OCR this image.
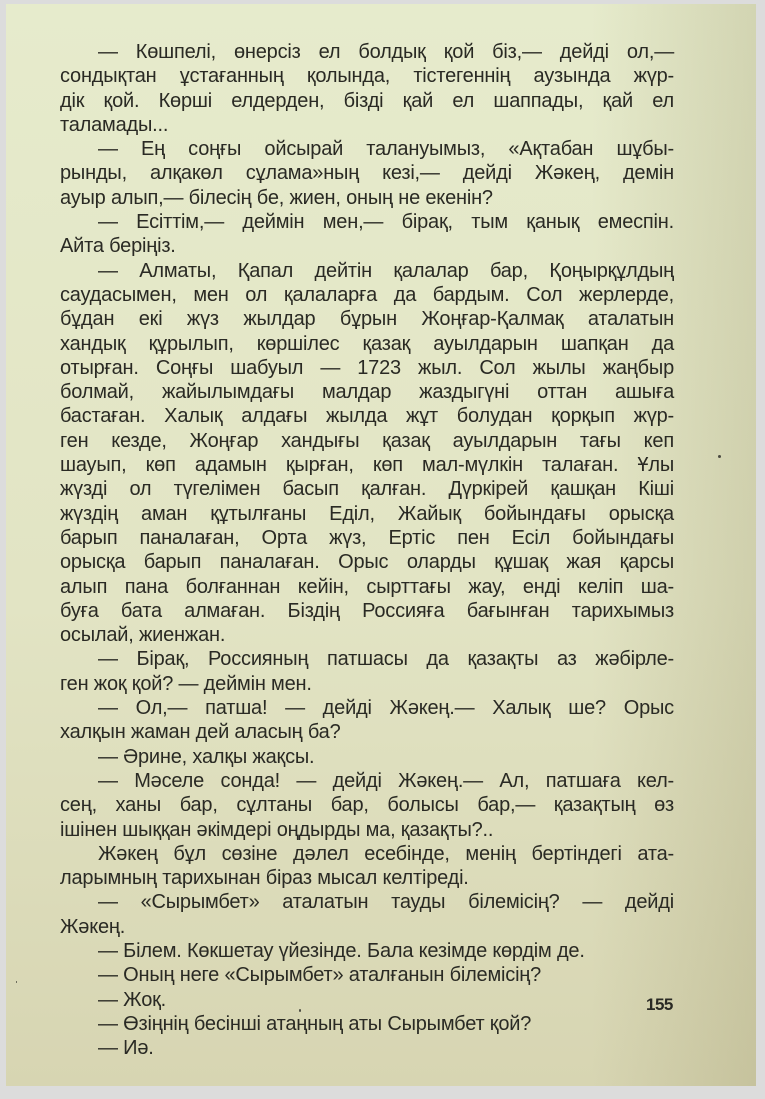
— Көшпелі, өнерсіз ел болдық қой біз,— дейді ол,—
сондықтан ұстағанның қолында, тістегеннің аузында жүр-
дік қой. Көрші елдерден, бізді қай ел шаппады, қай ел
таламады...
— Ең соңғы ойсырай талануымыз, «Ақтабан шұбы-
рынды, алқакөл сұлама»ның кезі,— дейді Жәкең, демін
ауыр алып,— білесің бе, жиен, оның не екенін?
— Есіттім,— деймін мен,— бірақ, тым қанық емеспін.
Айта беріңіз.
— Алматы, Қапал дейтін қалалар бар, Қоңырқұлдың
саудасымен, мен ол қалаларға да бардым. Сол жерлерде,
бұдан екі жүз жылдар бұрын Жоңғар-Қалмақ аталатын
хандық құрылып, көршілес қазақ ауылдарын шапқан да
отырған. Соңғы шабуыл — 1723 жыл. Сол жылы жаңбыр
болмай, жайылымдағы малдар жаздыгүні оттан ашыға
бастаған. Халық алдағы жылда жұт болудан қорқып жүр-
ген кезде, Жоңғар хандығы қазақ ауылдарын тағы кеп
шауып, көп адамын қырған, көп мал-мүлкін талаған. Ұлы
жүзді ол түгелімен басып қалған. Дүркірей қашқан Кіші
жүздің аман құтылғаны Еділ, Жайық бойындағы орысқа
барып паналаған, Орта жүз, Ертіс пен Есіл бойындағы
орысқа барып паналаған. Орыс оларды құшақ жая қарсы
алып пана болғаннан кейін, сырттағы жау, енді келіп ша-
буға бата алмаған. Біздің Россияға бағынған тарихымыз
осылай, жиенжан.
— Бірақ, Россияның патшасы да қазақты аз жәбірле-
ген жоқ қой? — деймін мен.
— Ол,— патша! — дейді Жәкең.— Халық ше? Орыс
халқын жаман дей аласың ба?
— Әрине, халқы жақсы.
— Мәселе сонда! — дейді Жәкең.— Ал, патшаға кел-
сең, ханы бар, сұлтаны бар, болысы бар,— қазақтың өз
ішінен шыққан әкімдері оңдырды ма, қазақты?..
Жәкең бұл сөзіне дәлел есебінде, менің бертіндегі ата-
ларымның тарихынан біраз мысал келтіреді.
— «Сырымбет» аталатын тауды білемісің? — дейді
Жәкең.
— Білем. Көкшетау үйезінде. Бала кезімде көрдім де.
— Оның неге «Сырымбет» аталғанын білемісің?
— Жоқ.
— Өзіңнің бесінші атаңның аты Сырымбет қой?
— Иә.
155
